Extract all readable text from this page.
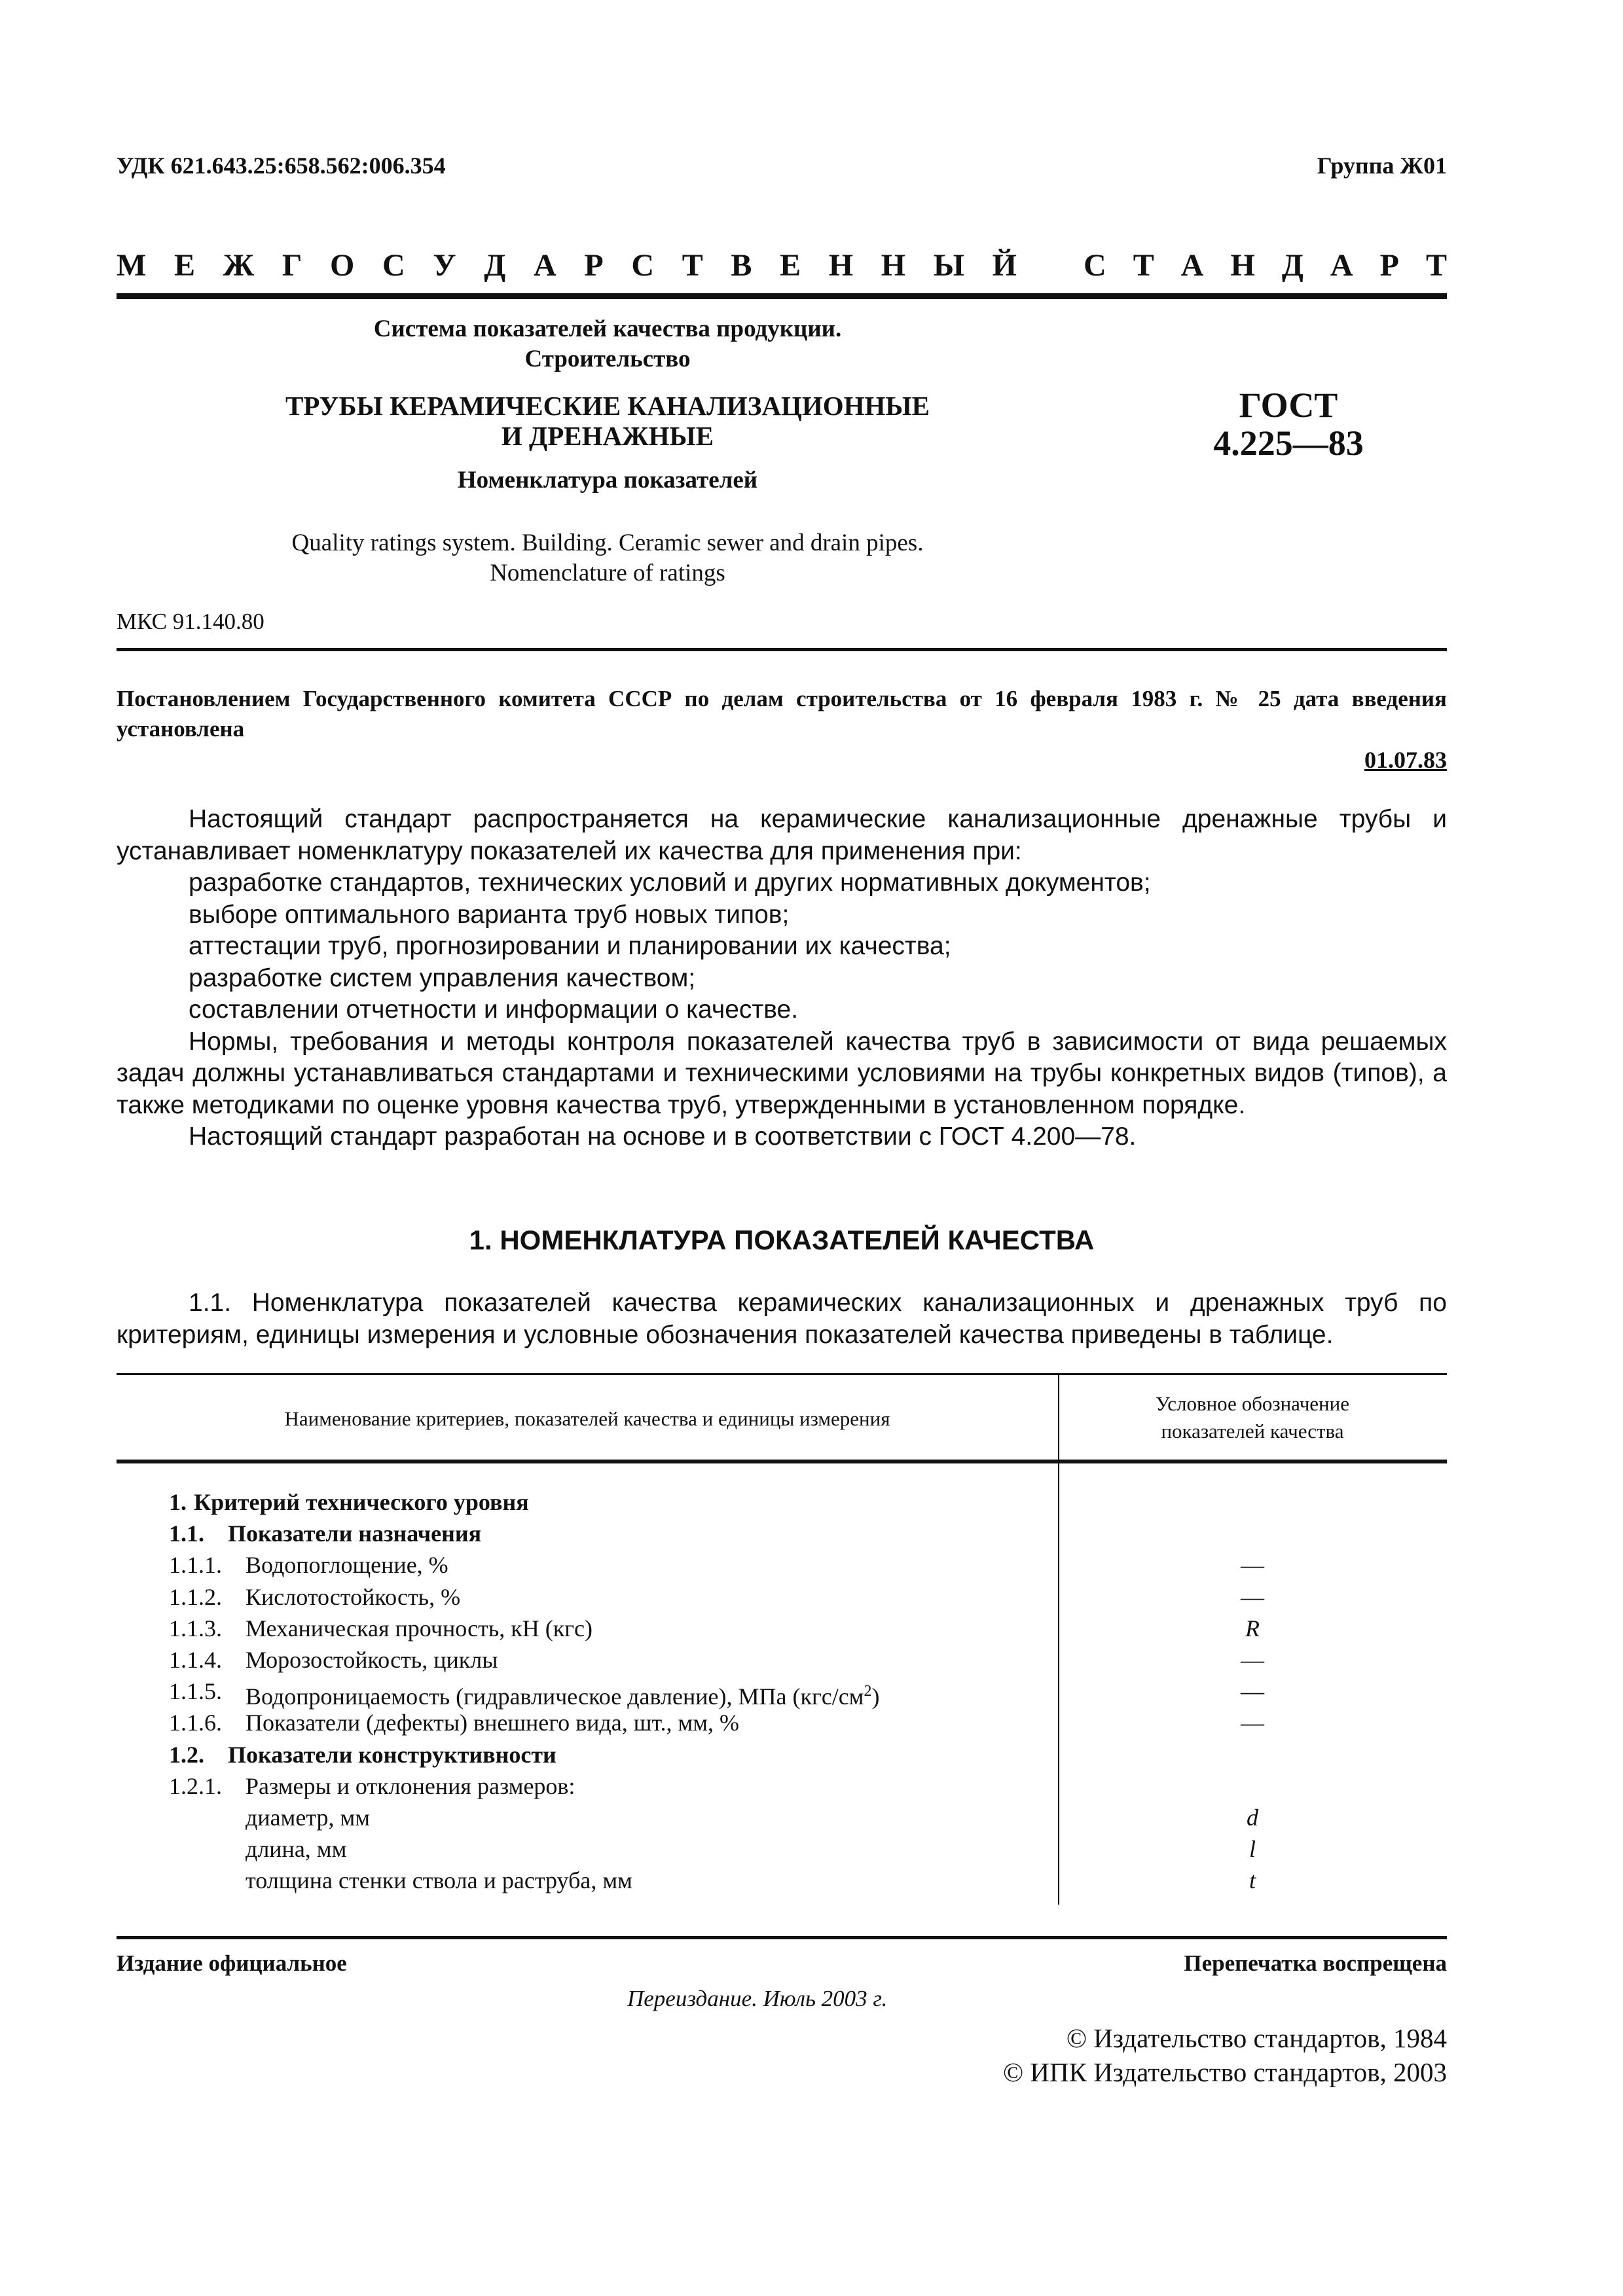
УДК 621.643.25:658.562:006.354	Группа Ж01
М Е Ж Г О С У Д А Р С Т В Е Н Н Ы Й С Т А Н Д А Р Т
Система показателей качества продукции.
Строительство
ТРУБЫ КЕРАМИЧЕСКИЕ КАНАЛИЗАЦИОННЫЕ
И ДРЕНАЖНЫЕ
Номенклатура показателей
ГОСТ
4.225—83
Quality ratings system. Building. Ceramic sewer and drain pipes.
Nomenclature of ratings
МКС 91.140.80
Постановлением Государственного комитета СССР по делам строительства от 16 февраля 1983 г. № 25 дата введения установлена
01.07.83

Настоящий стандарт распространяется на керамические канализационные дренажные трубы и устанавливает номенклатуру показателей их качества для применения при:

разработке стандартов, технических условий и других нормативных документов;

выборе оптимального варианта труб новых типов;

аттестации труб, прогнозировании и планировании их качества;

разработке систем управления качеством;

составлении отчетности и информации о качестве.

Нормы, требования и методы контроля показателей качества труб в зависимости от вида решаемых задач должны устанавливаться стандартами и техническими условиями на трубы конкретных видов (типов), а также методиками по оценке уровня качества труб, утвержденными в установленном порядке.

Настоящий стандарт разработан на основе и в соответствии с ГОСТ 4.200—78.

1. НОМЕНКЛАТУРА ПОКАЗАТЕЛЕЙ КАЧЕСТВА

1.1. Номенклатура показателей качества керамических канализационных и дренажных труб по критериям, единицы измерения и условные обозначения показателей качества приведены в таблице.

Наименование критериев, показателей качества и единицы измерения
Условное обозначение
показателей качества
1. Критерий технического уровня
1.1. Показатели назначения
1.1.1. Водопоглощение, %	—
1.1.2. Кислотостойкость, %	—
1.1.3. Механическая прочность, кН (кгс)	R
1.1.4. Морозостойкость, циклы	—
1.1.5. Водопроницаемость (гидравлическое давление), МПа $(кгс/см^2)$	—
1.1.6. Показатели (дефекты) внешнего вида, шт., мм, %	—
1.2. Показатели конструктивности
1.2.1. Размеры и отклонения размеров:
диаметр, мм	d
длина, мм	l
толщина стенки ствола и раструба, мм	t
Издание официальное	Перепечатка воспрещена
Переиздание. Июль 2003 г.
© Издательство стандартов, 1984
© ИПК Издательство стандартов, 2003
